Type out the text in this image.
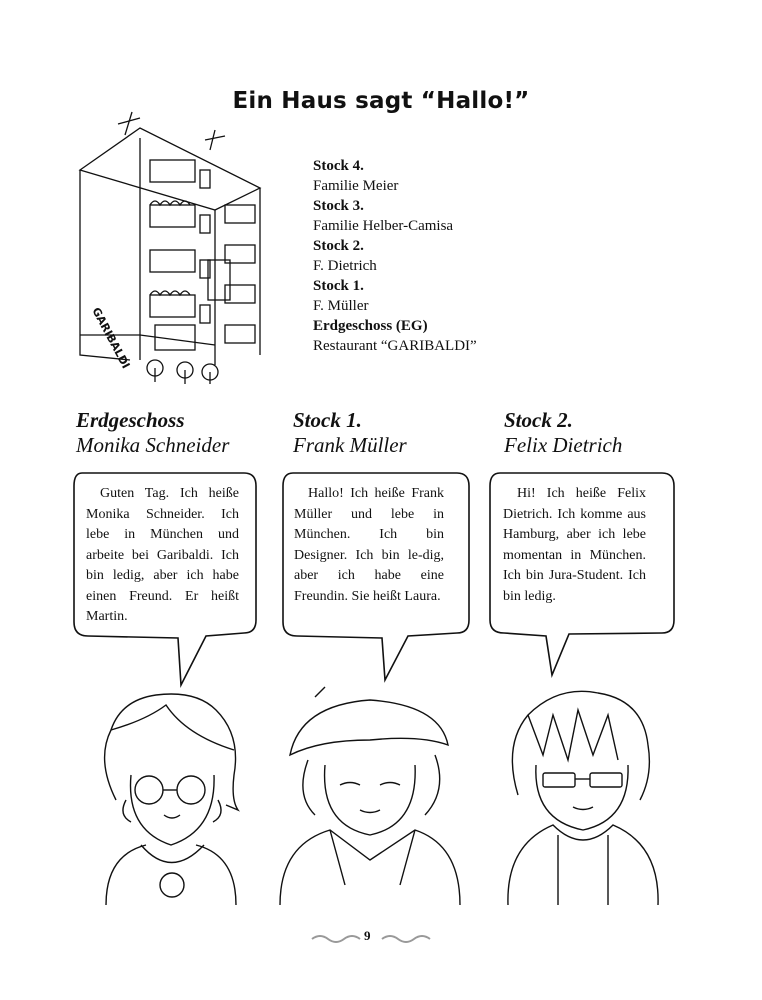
Ein Haus sagt “Hallo!”
GARIBALDI
Stock 4.
Familie Meier
Stock 3.
Familie Helber-Camisa
Stock 2.
F. Dietrich
Stock 1.
F. Müller
Erdgeschoss (EG)
Restaurant “GARIBALDI”
Erdgeschoss
Monika Schneider
Stock 1.
Frank Müller
Stock 2.
Felix Dietrich
Guten Tag. Ich heiße Monika Schneider. Ich lebe in München und arbeite bei Garibaldi. Ich bin ledig, aber ich habe einen Freund. Er heißt Martin.
Hallo! Ich heiße Frank Müller und lebe in München. Ich bin Designer. Ich bin le-dig, aber ich habe eine Freundin. Sie heißt Laura.
Hi! Ich heiße Felix Dietrich. Ich komme aus Hamburg, aber ich lebe momentan in München. Ich bin Jura-Student. Ich bin ledig.
9
